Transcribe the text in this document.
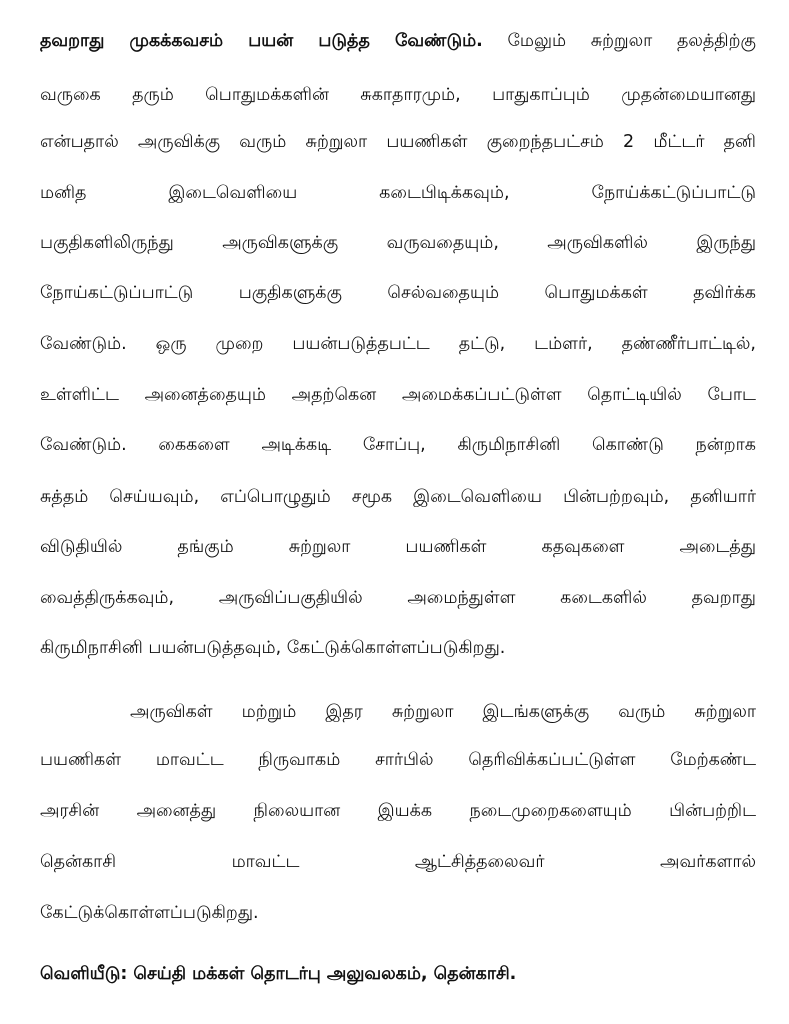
தவறாது முகக்கவசம் பயன் படுத்த வேண்டும். மேலும் சுற்றுலா தலத்திற்கு
வருகை தரும் பொதுமக்களின் சுகாதாரமும், பாதுகாப்பும் முதன்மையானது
என்பதால் அருவிக்கு வரும் சுற்றுலா பயணிகள் குறைந்தபட்சம் 2 மீட்டர் தனி
மனித இடைவெளியை கடைபிடிக்கவும், நோய்க்கட்டுப்பாட்டு
பகுதிகளிலிருந்து அருவிகளுக்கு வருவதையும், அருவிகளில் இருந்து
நோய்கட்டுப்பாட்டு பகுதிகளுக்கு செல்வதையும் பொதுமக்கள் தவிர்க்க
வேண்டும். ஒரு முறை பயன்படுத்தபட்ட தட்டு, டம்ளர், தண்ணீர்பாட்டில்,
உள்ளிட்ட அனைத்தையும் அதற்கென அமைக்கப்பட்டுள்ள தொட்டியில் போட
வேண்டும். கைகளை அடிக்கடி சோப்பு, கிருமிநாசினி கொண்டு நன்றாக
சுத்தம் செய்யவும், எப்பொழுதும் சமூக இடைவெளியை பின்பற்றவும், தனியார்
விடுதியில் தங்கும் சுற்றுலா பயணிகள் கதவுகளை அடைத்து
வைத்திருக்கவும், அருவிப்பகுதியில் அமைந்துள்ள கடைகளில் தவறாது
கிருமிநாசினி பயன்படுத்தவும், கேட்டுக்கொள்ளப்படுகிறது.
அருவிகள் மற்றும் இதர சுற்றுலா இடங்களுக்கு வரும் சுற்றுலா
பயணிகள் மாவட்ட நிருவாகம் சார்பில் தெரிவிக்கப்பட்டுள்ள மேற்கண்ட
அரசின் அனைத்து நிலையான இயக்க நடைமுறைகளையும் பின்பற்றிட
தென்காசி மாவட்ட ஆட்சித்தலைவர் அவர்களால்
கேட்டுக்கொள்ளப்படுகிறது.
வெளியீடு: செய்தி மக்கள் தொடர்பு அலுவலகம், தென்காசி.
